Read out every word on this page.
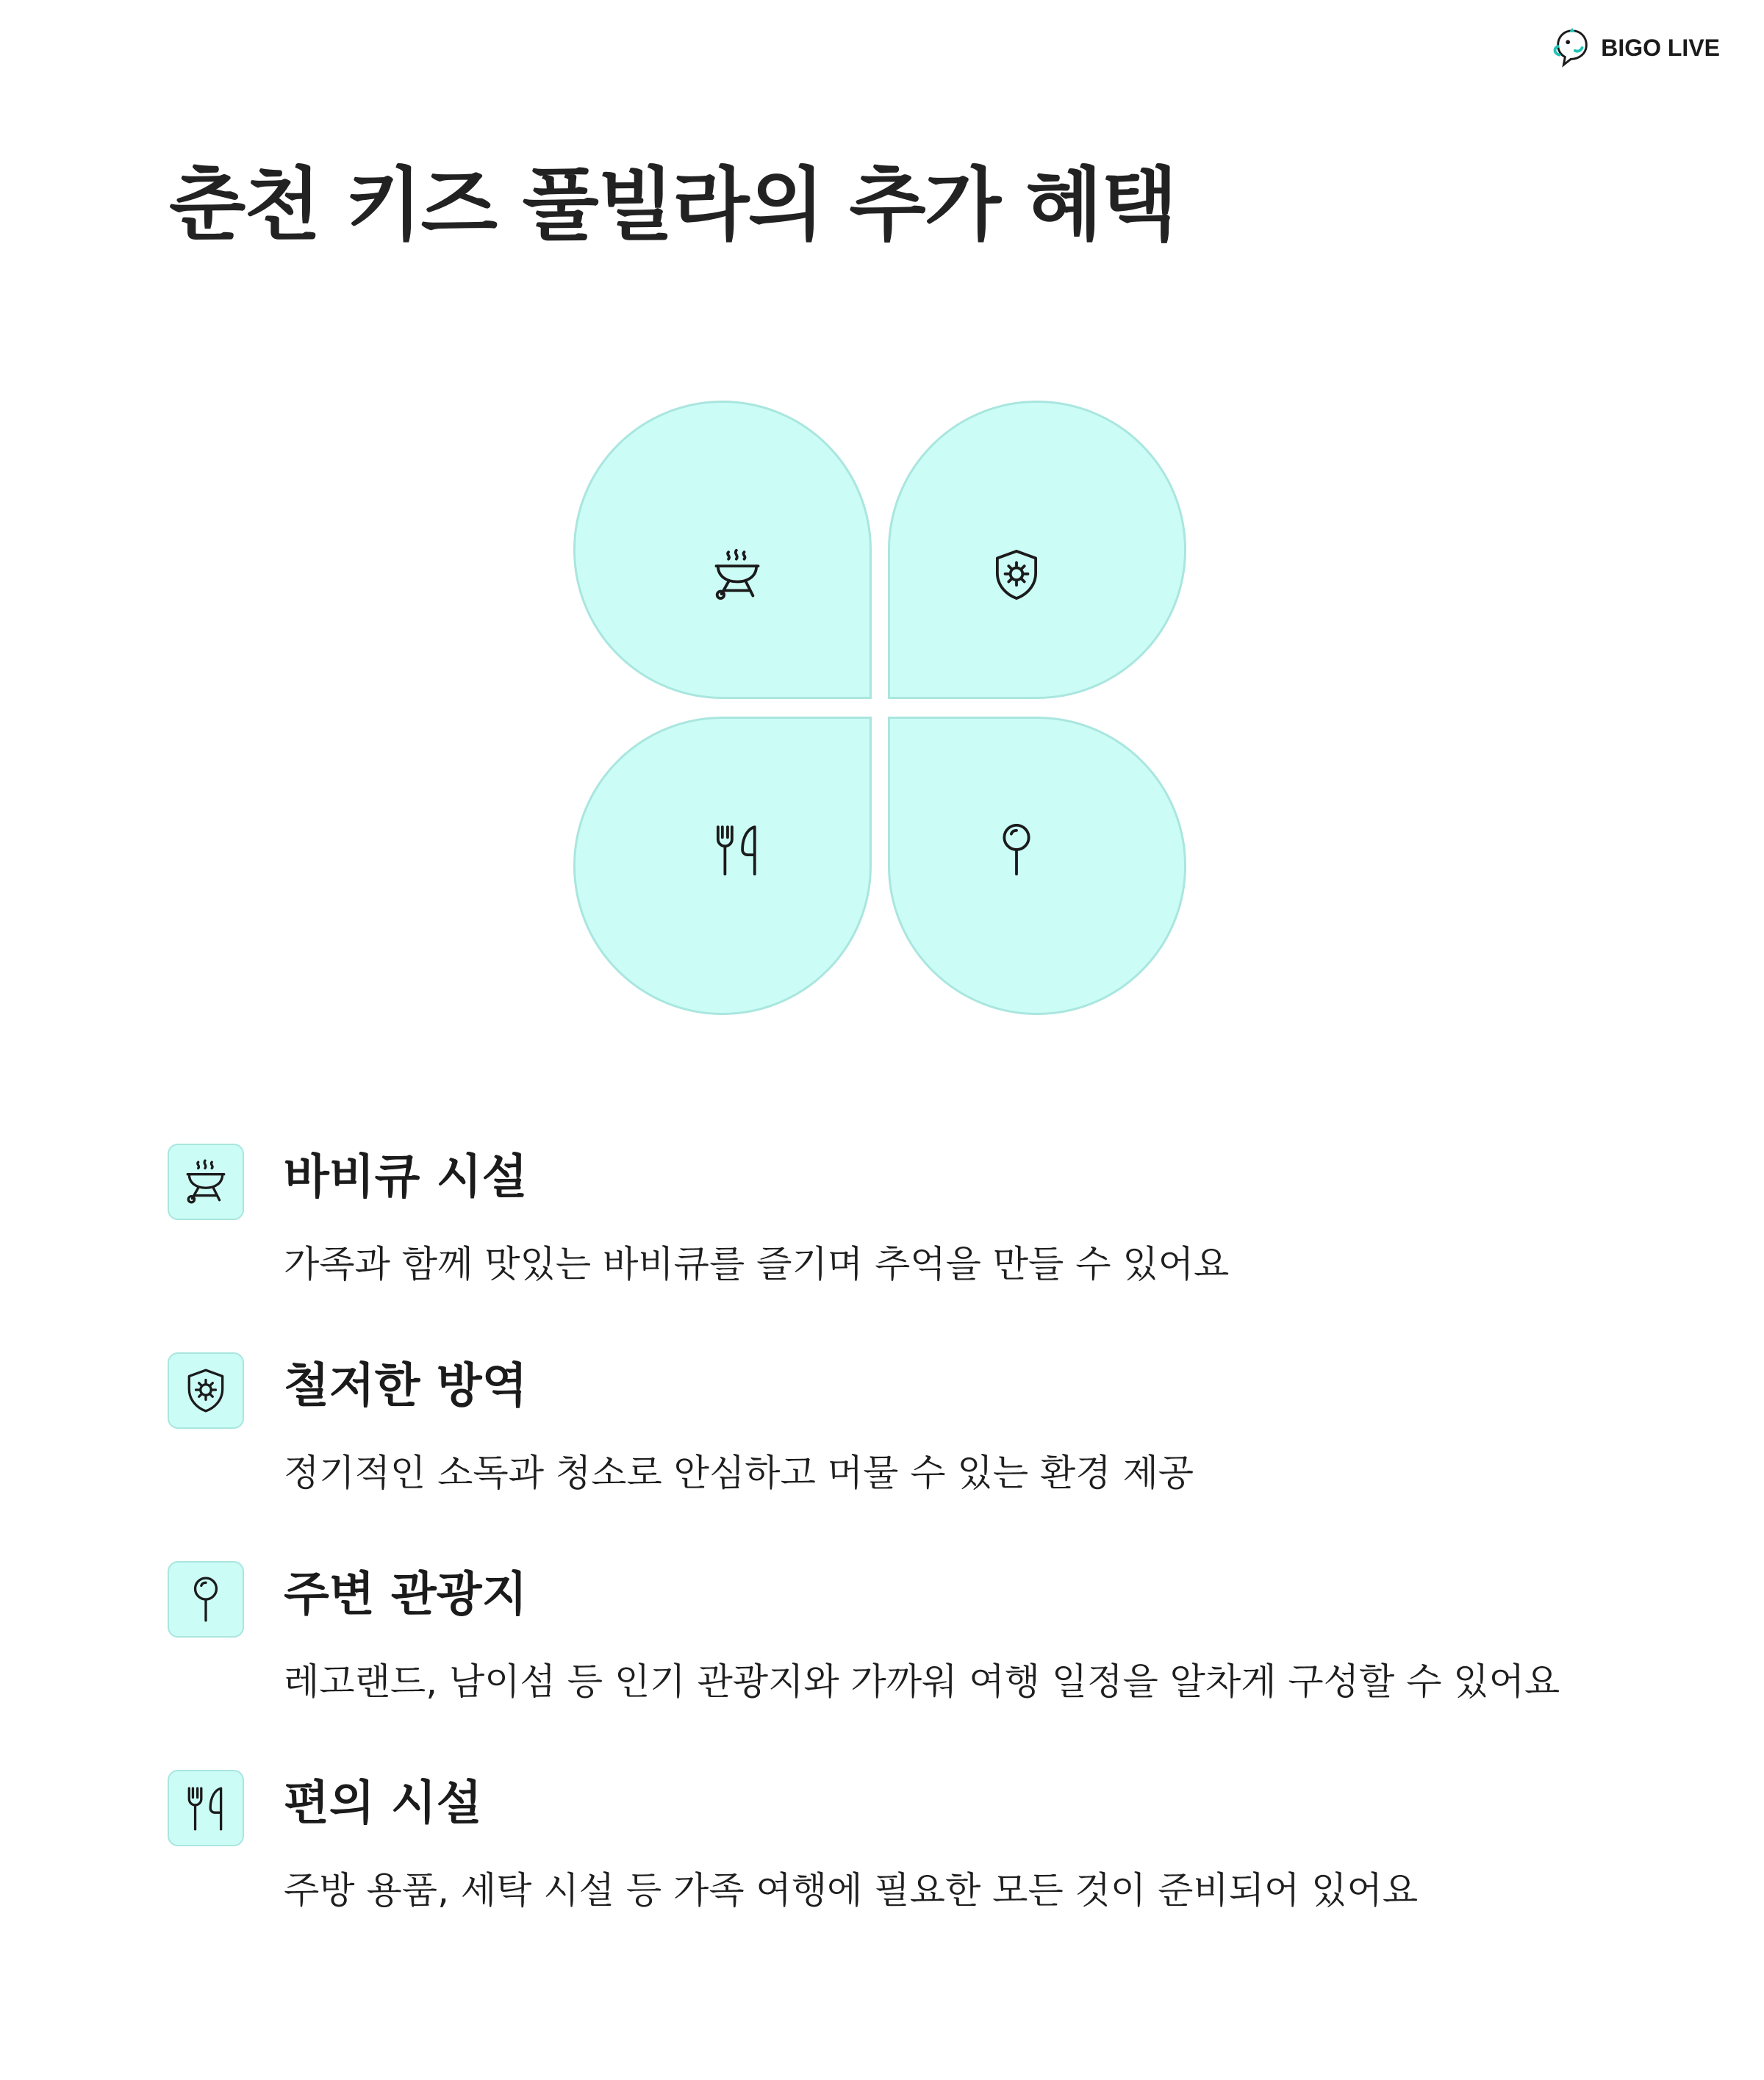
BIGO LIVE
춘천 키즈 풀빌라의 추가 혜택
바비큐 시설

가족과 함께 맛있는 바비큐를 즐기며 추억을 만들 수 있어요

철저한 방역

정기적인 소독과 청소로 안심하고 머물 수 있는 환경 제공

주변 관광지

레고랜드, 남이섬 등 인기 관광지와 가까워 여행 일정을 알차게 구성할 수 있어요

편의 시설

주방 용품, 세탁 시설 등 가족 여행에 필요한 모든 것이 준비되어 있어요
